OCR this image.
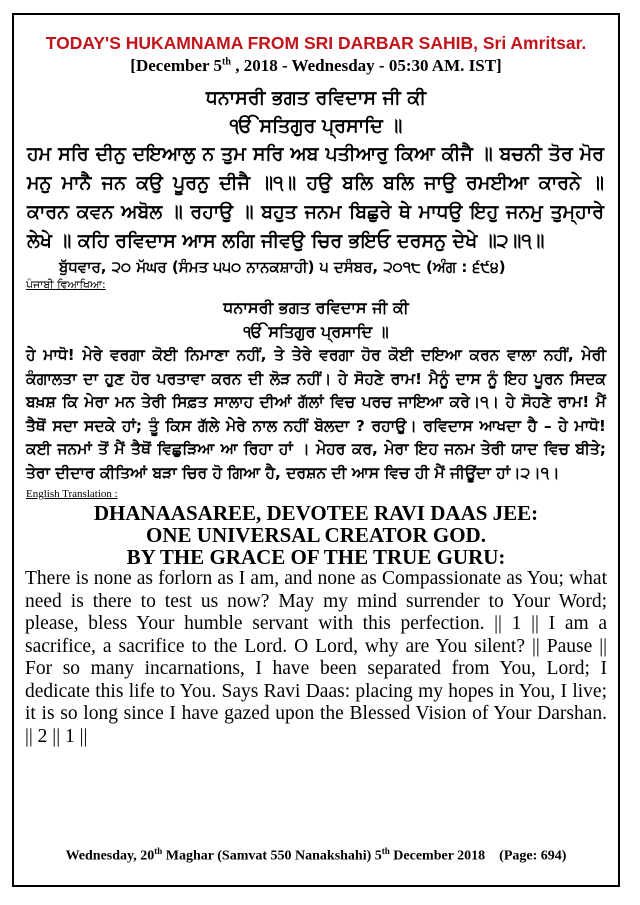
TODAY'S HUKAMNAMA FROM SRI DARBAR SAHIB, Sri Amritsar.
[December 5th , 2018 - Wednesday - 05:30 AM. IST]
ਧਨਾਸਰੀ ਭਗਤ ਰਵਿਦਾਸ ਜੀ ਕੀ
ੴ ਸਤਿਗੁਰ ਪ੍ਰਸਾਦਿ ॥
ਹਮ ਸਰਿ ਦੀਨੁ ਦਇਆਲੁ ਨ ਤੁਮ ਸਰਿ ਅਬ ਪਤੀਆਰੁ ਕਿਆ ਕੀਜੈ ॥ ਬਚਨੀ ਤੋਰ ਮੋਰ ਮਨੁ ਮਾਨੈ ਜਨ ਕਉ ਪੂਰਨੁ ਦੀਜੈ ॥੧॥ ਹਉ ਬਲਿ ਬਲਿ ਜਾਉ ਰਮਈਆ ਕਾਰਨੇ ॥ ਕਾਰਨ ਕਵਨ ਅਬੋਲ ॥ ਰਹਾਉ ॥ ਬਹੁਤ ਜਨਮ ਬਿਛੁਰੇ ਥੇ ਮਾਧਉ ਇਹੁ ਜਨਮੁ ਤੁਮ੍ਹਾਰੇ ਲੇਖੇ ॥ ਕਹਿ ਰਵਿਦਾਸ ਆਸ ਲਗਿ ਜੀਵਉ ਚਿਰ ਭਇਓ ਦਰਸਨੁ ਦੇਖੇ ॥੨॥੧॥
ਬੁੱਧਵਾਰ, ੨੦ ਮੱਘਰ (ਸੰਮਤ ੫੫੦ ਨਾਨਕਸ਼ਾਹੀ) ੫ ਦਸੰਬਰ, ੨੦੧੮ (ਅੰਗ : ੬੯੪)
ਪੰਜਾਬੀ ਵਿਆਖਿਆ:
ਧਨਾਸਰੀ ਭਗਤ ਰਵਿਦਾਸ ਜੀ ਕੀ
ੴ ਸਤਿਗੁਰ ਪ੍ਰਸਾਦਿ ॥
ਹੇ ਮਾਧੋ! ਮੇਰੇ ਵਰਗਾ ਕੋਈ ਨਿਮਾਣਾ ਨਹੀਂ, ਤੇ ਤੇਰੇ ਵਰਗਾ ਹੋਰ ਕੋਈ ਦਇਆ ਕਰਨ ਵਾਲਾ ਨਹੀਂ, ਮੇਰੀ ਕੰਗਾਲਤਾ ਦਾ ਹੁਣ ਹੋਰ ਪਰਤਾਵਾ ਕਰਨ ਦੀ ਲੋੜ ਨਹੀਂ। ਹੇ ਸੋਹਣੇ ਰਾਮ! ਮੈਨੂੰ ਦਾਸ ਨੂੰ ਇਹ ਪੂਰਨ ਸਿਦਕ ਬਖ਼ਸ਼ ਕਿ ਮੇਰਾ ਮਨ ਤੇਰੀ ਸਿਫ਼ਤ ਸਾਲਾਹ ਦੀਆਂ ਗੱਲਾਂ ਵਿਚ ਪਰਚ ਜਾਇਆ ਕਰੇ।੧। ਹੇ ਸੋਹਣੇ ਰਾਮ! ਮੈਂ ਤੈਥੋਂ ਸਦਾ ਸਦਕੇ ਹਾਂ; ਤੂੰ ਕਿਸ ਗੱਲੇ ਮੇਰੇ ਨਾਲ ਨਹੀਂ ਬੋਲਦਾ ? ਰਹਾਉ। ਰਵਿਦਾਸ ਆਖਦਾ ਹੈ – ਹੇ ਮਾਧੋ! ਕਈ ਜਨਮਾਂ ਤੋਂ ਮੈਂ ਤੈਥੋਂ ਵਿਛੁੜਿਆ ਆ ਰਿਹਾ ਹਾਂ । ਮੇਹਰ ਕਰ, ਮੇਰਾ ਇਹ ਜਨਮ ਤੇਰੀ ਯਾਦ ਵਿਚ ਬੀਤੇ; ਤੇਰਾ ਦੀਦਾਰ ਕੀਤਿਆਂ ਬੜਾ ਚਿਰ ਹੋ ਗਿਆ ਹੈ, ਦਰਸ਼ਨ ਦੀ ਆਸ ਵਿਚ ਹੀ ਮੈਂ ਜੀਊਂਦਾ ਹਾਂ।੨।੧।
English Translation :
DHANAASAREE, DEVOTEE RAVI DAAS JEE:
ONE UNIVERSAL CREATOR GOD.
BY THE GRACE OF THE TRUE GURU:
There is none as forlorn as I am, and none as Compassionate as You; what need is there to test us now? May my mind surrender to Your Word; please, bless Your humble servant with this perfection. || 1 || I am a sacrifice, a sacrifice to the Lord. O Lord, why are You silent? || Pause || For so many incarnations, I have been separated from You, Lord; I dedicate this life to You. Says Ravi Daas: placing my hopes in You, I live; it is so long since I have gazed upon the Blessed Vision of Your Darshan. || 2 || 1 ||
Wednesday, 20th Maghar (Samvat 550 Nanakshahi) 5th December 2018 (Page: 694)
